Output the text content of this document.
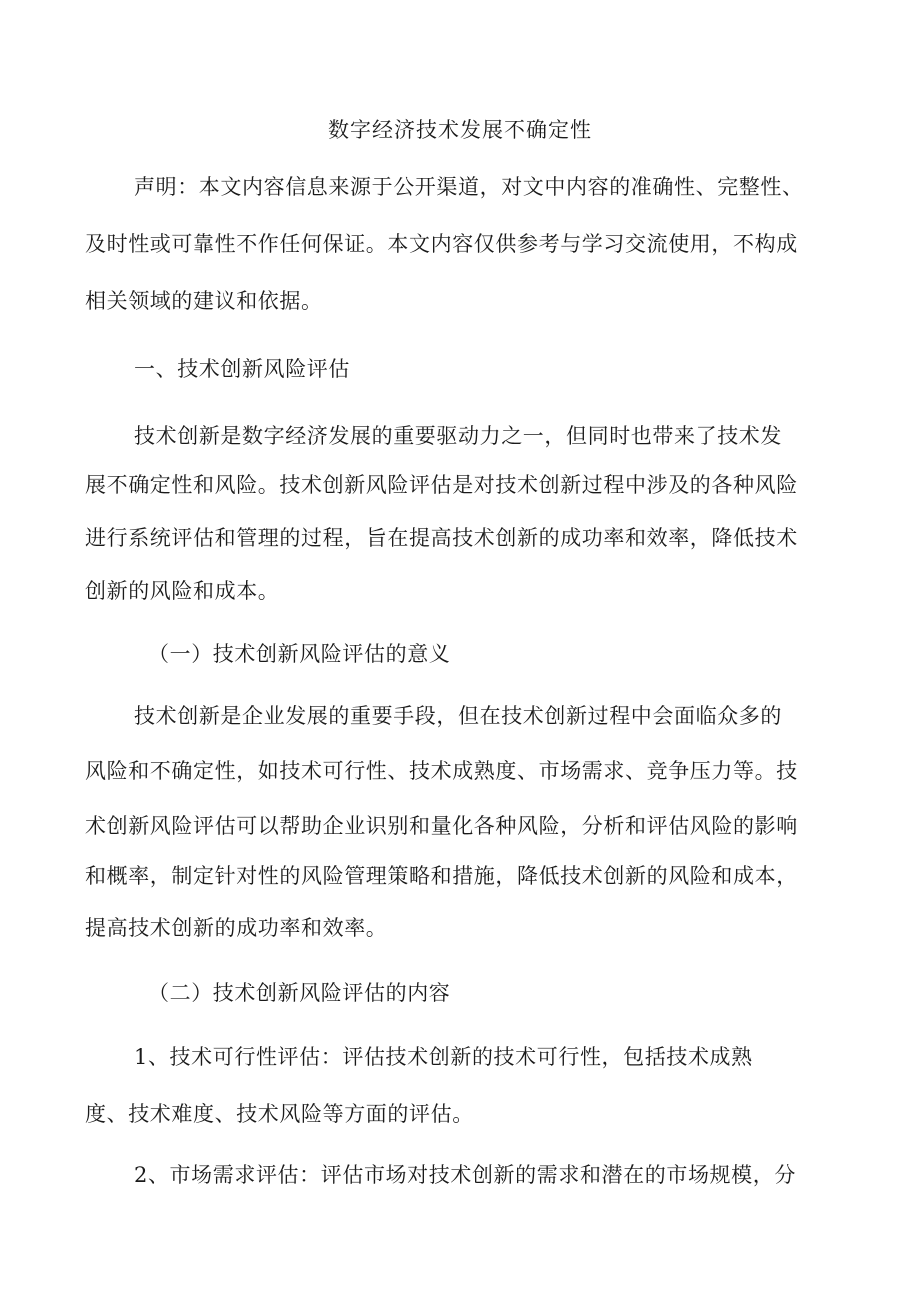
数字经济技术发展不确定性
声明：本文内容信息来源于公开渠道，对文中内容的准确性、完整性、
及时性或可靠性不作任何保证。本文内容仅供参考与学习交流使用，不构成
相关领域的建议和依据。
一、技术创新风险评估
技术创新是数字经济发展的重要驱动力之一，但同时也带来了技术发
展不确定性和风险。技术创新风险评估是对技术创新过程中涉及的各种风险
进行系统评估和管理的过程，旨在提高技术创新的成功率和效率，降低技术
创新的风险和成本。
（一）技术创新风险评估的意义
技术创新是企业发展的重要手段，但在技术创新过程中会面临众多的
风险和不确定性，如技术可行性、技术成熟度、市场需求、竞争压力等。技
术创新风险评估可以帮助企业识别和量化各种风险，分析和评估风险的影响
和概率，制定针对性的风险管理策略和措施，降低技术创新的风险和成本，
提高技术创新的成功率和效率。
（二）技术创新风险评估的内容
1、技术可行性评估：评估技术创新的技术可行性，包括技术成熟
度、技术难度、技术风险等方面的评估。
2、市场需求评估：评估市场对技术创新的需求和潜在的市场规模，分
